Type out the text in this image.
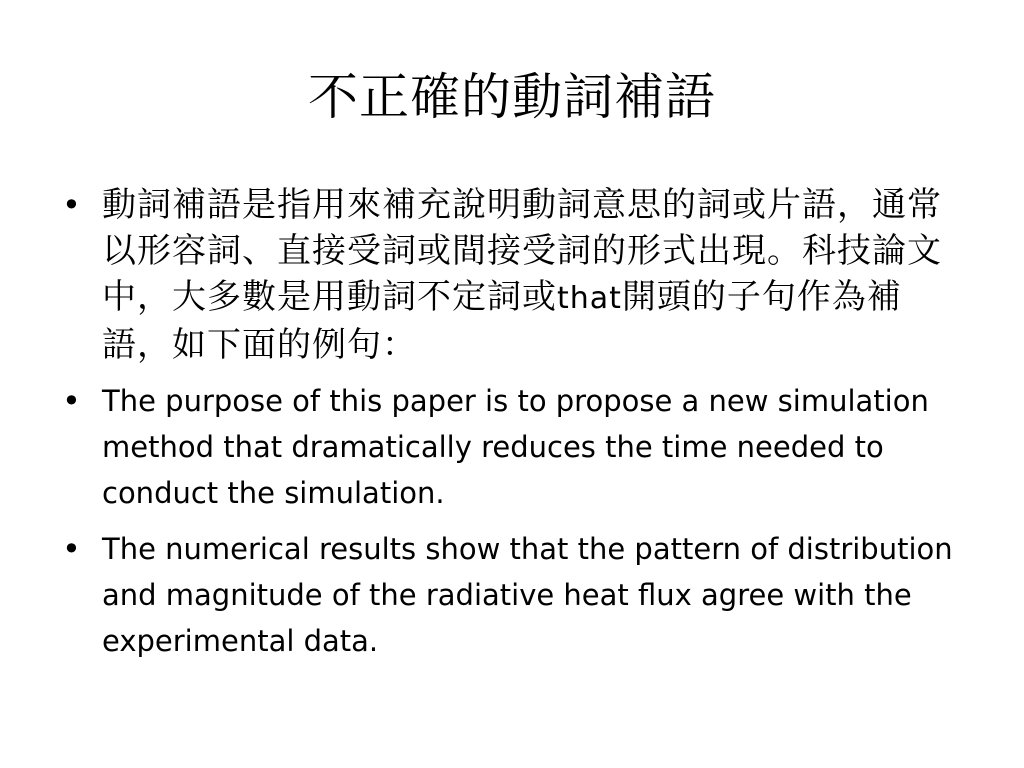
不正確的動詞補語
• 動詞補語是指用來補充說明動詞意思的詞或片語，通常以形容詞、直接受詞或間接受詞的形式出現。科技論文中，大多數是用動詞不定詞或that開頭的子句作為補語，如下面的例句：
• The purpose of this paper is to propose a new simulation method that dramatically reduces the time needed to conduct the simulation.
• The numerical results show that the pattern of distribution and magnitude of the radiative heat flux agree with the experimental data.
